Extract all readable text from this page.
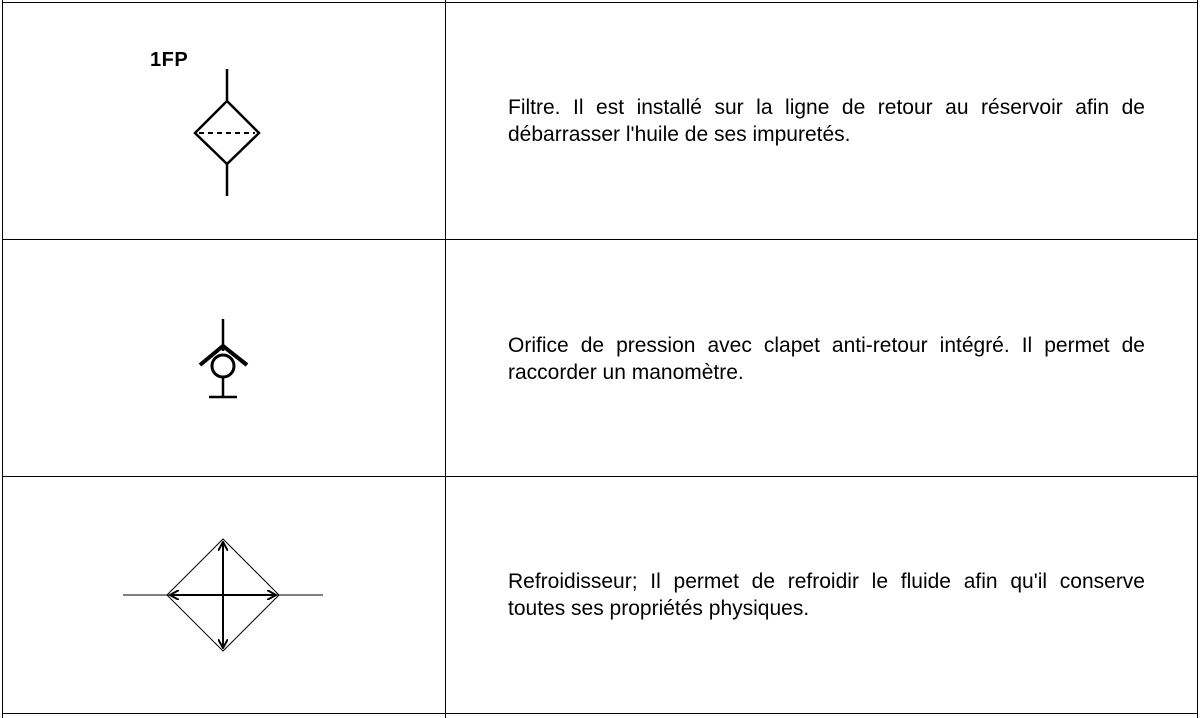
1FP
Filtre. Il est installé sur la ligne de retour au réservoir afin de débarrasser l'huile de ses impuretés.
Orifice de pression avec clapet anti-retour intégré. Il permet de raccorder un manomètre.
Refroidisseur; Il permet de refroidir le fluide afin qu'il conserve toutes ses propriétés physiques.
